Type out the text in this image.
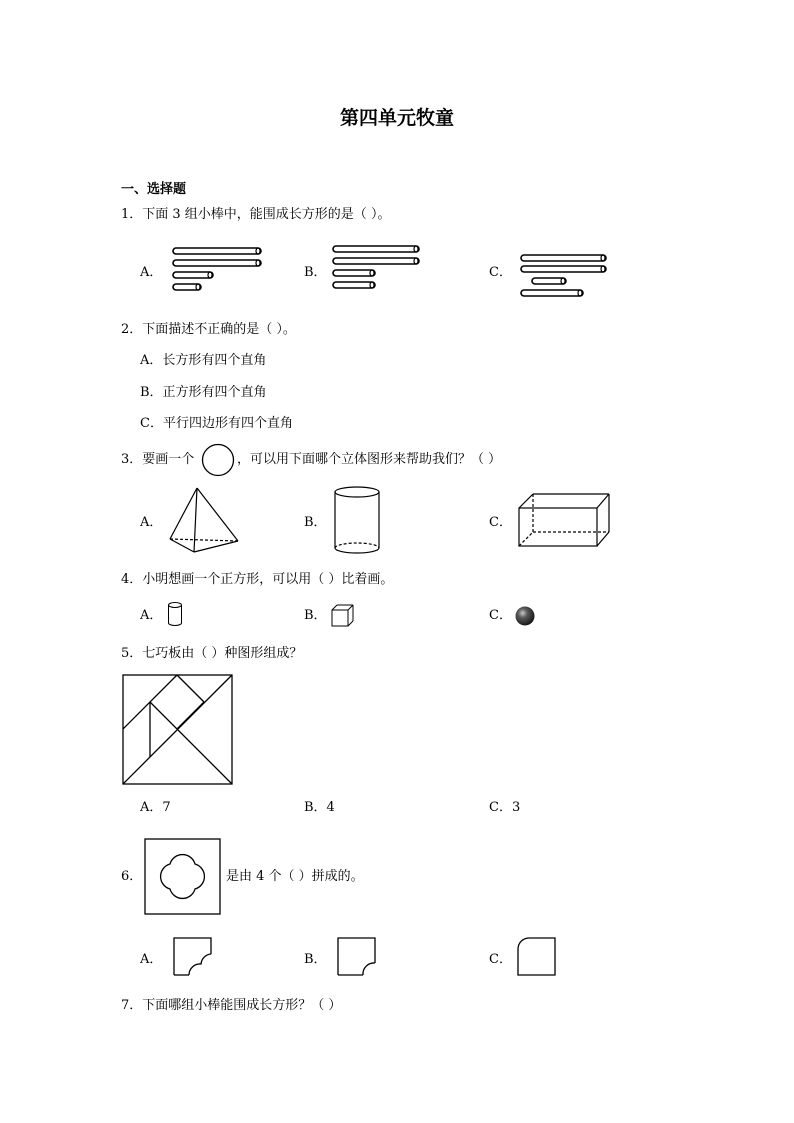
第四单元牧童
一、选择题
1．下面 3 组小棒中，能围成长方形的是（ ）。
A．	B．	C．
2．下面描述不正确的是（ ）。
A．长方形有四个直角
B．正方形有四个直角
C．平行四边形有四个直角
3．要画一个	，可以用下面哪个立体图形来帮助我们？（ ）
A．	B．	C．
4．小明想画一个正方形，可以用（ ）比着画。
A．	B．	C．
5．七巧板由（ ）种图形组成？
A．7	B．4	C．3
6．	是由 4 个（ ）拼成的。
A．	B．	C．
7．下面哪组小棒能围成长方形？（ ）
